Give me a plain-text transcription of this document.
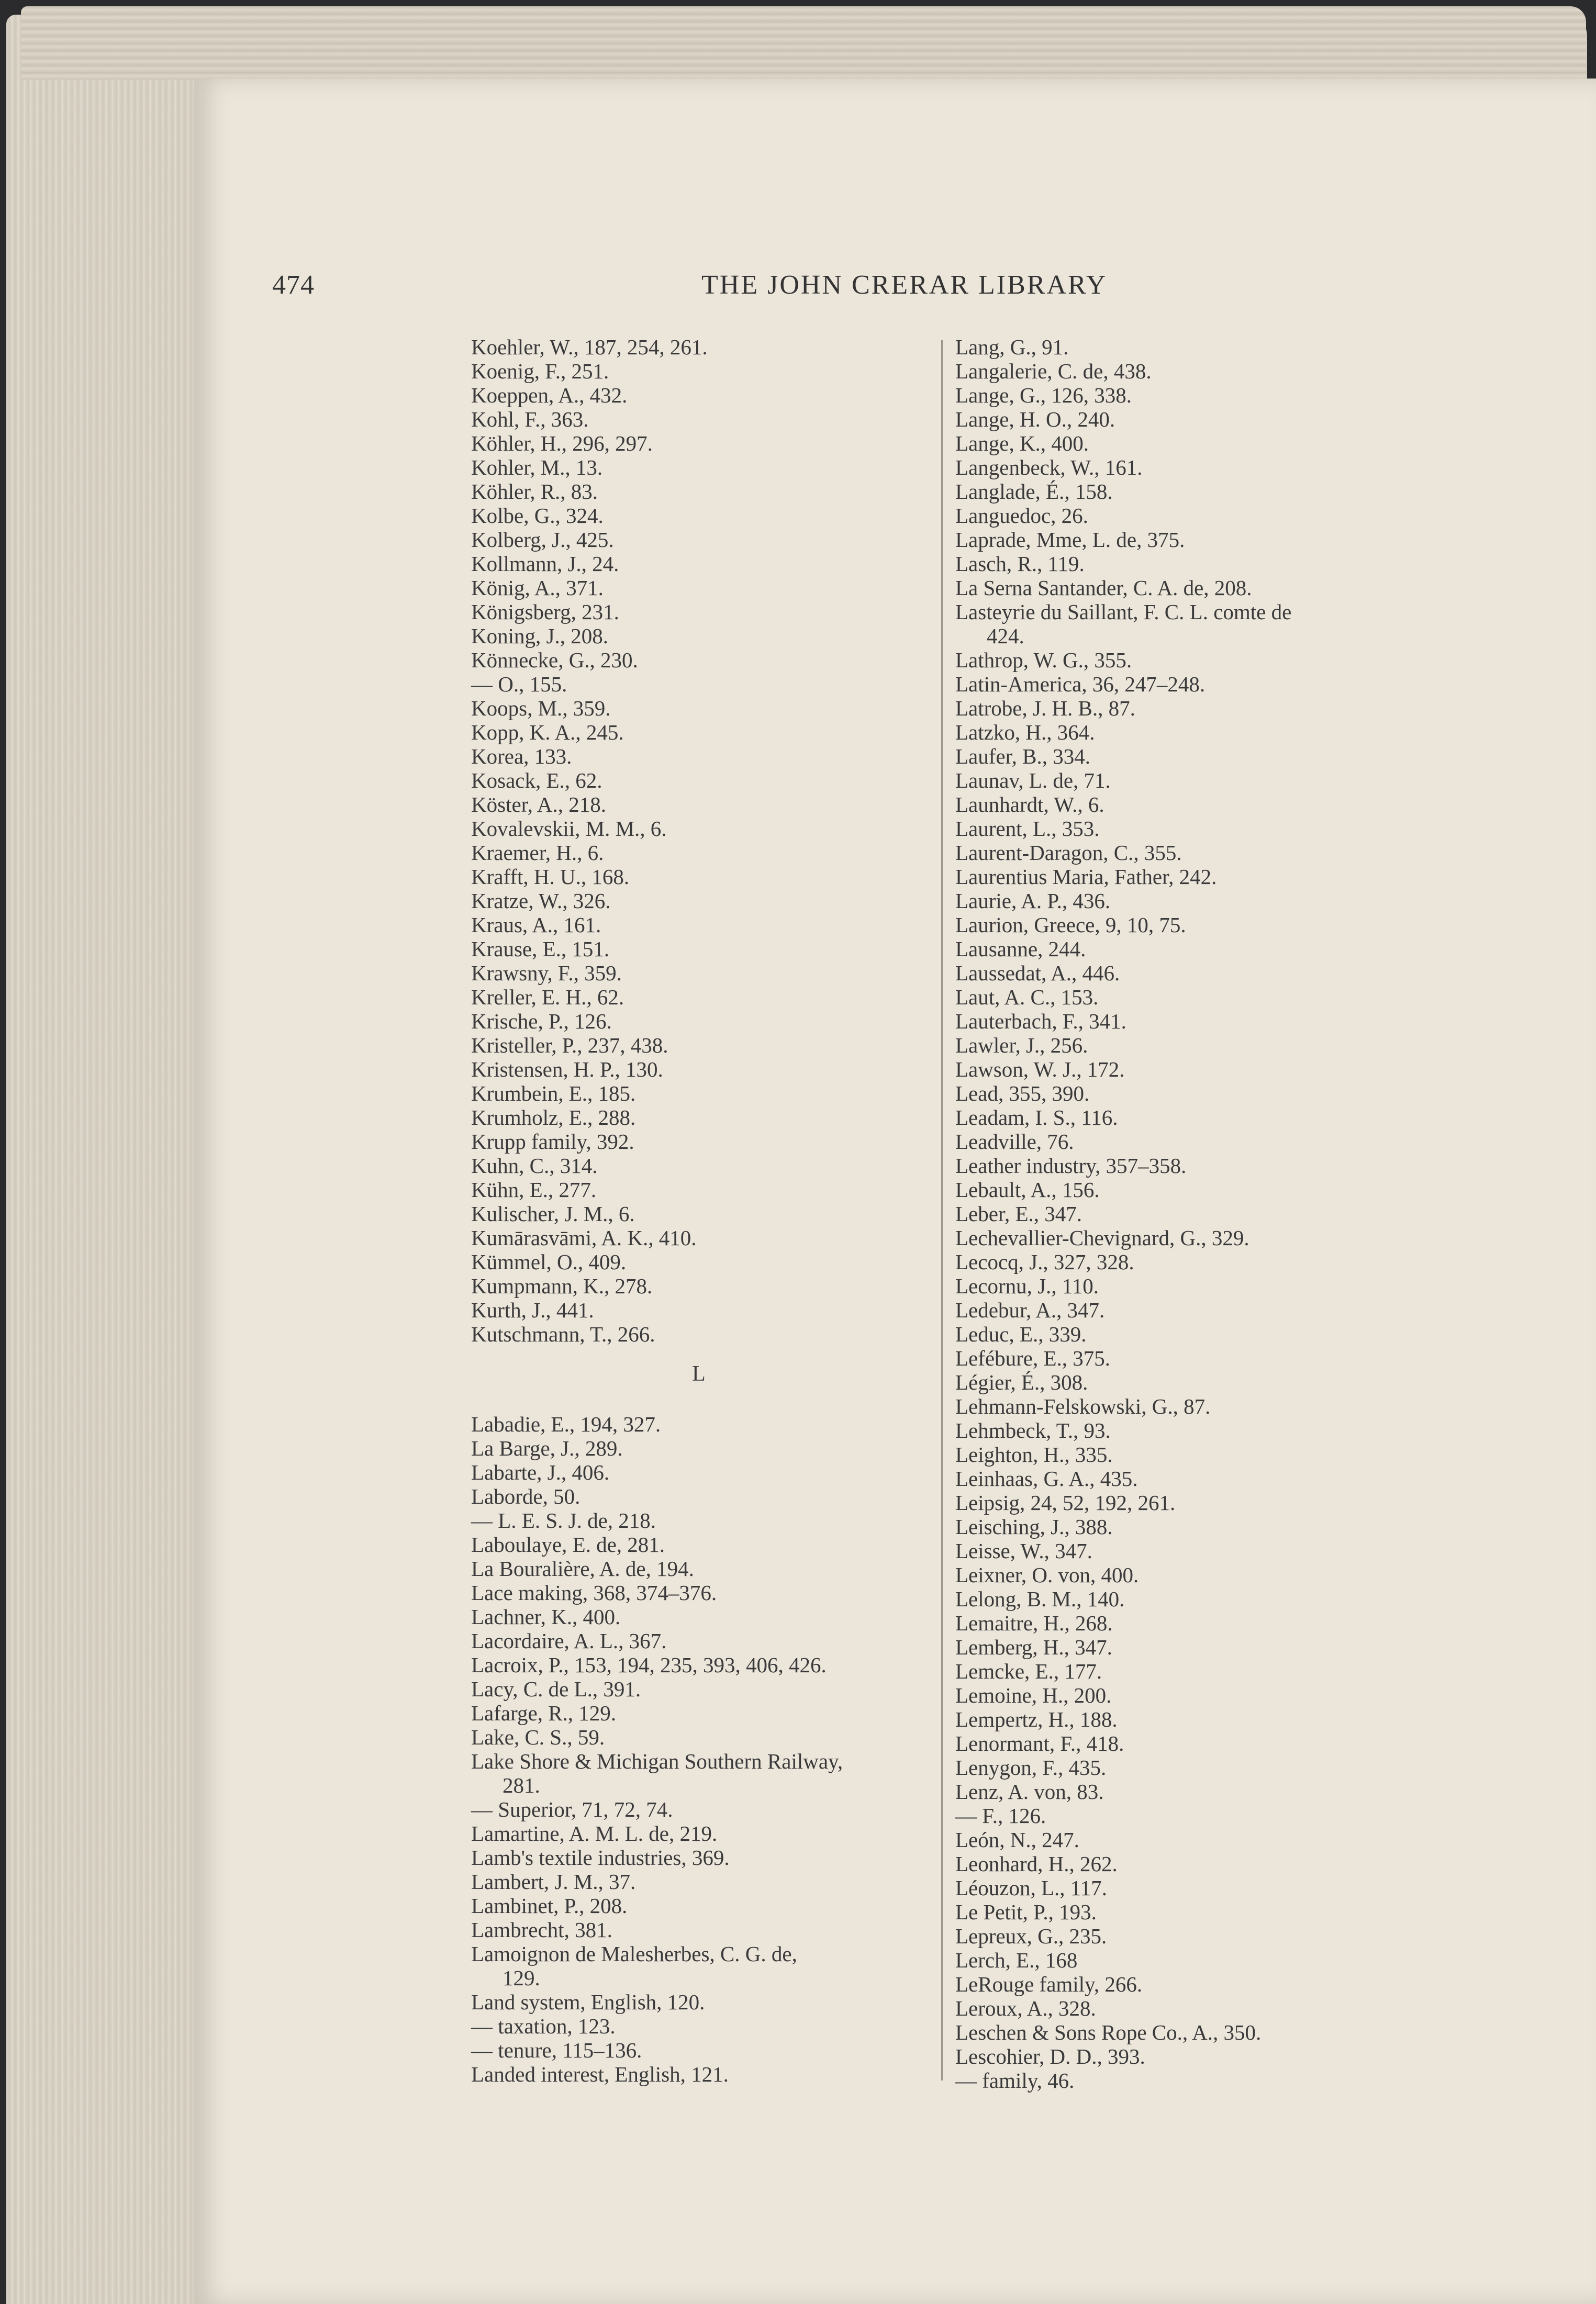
474	THE JOHN CRERAR LIBRARY
Koehler, W., 187, 254, 261.
Koenig, F., 251.
Koeppen, A., 432.
Kohl, F., 363.
Köhler, H., 296, 297.
Kohler, M., 13.
Köhler, R., 83.
Kolbe, G., 324.
Kolberg, J., 425.
Kollmann, J., 24.
König, A., 371.
Königsberg, 231.
Koning, J., 208.
Könnecke, G., 230.
— O., 155.
Koops, M., 359.
Kopp, K. A., 245.
Korea, 133.
Kosack, E., 62.
Köster, A., 218.
Kovalevskii, M. M., 6.
Kraemer, H., 6.
Krafft, H. U., 168.
Kratze, W., 326.
Kraus, A., 161.
Krause, E., 151.
Krawsny, F., 359.
Kreller, E. H., 62.
Krische, P., 126.
Kristeller, P., 237, 438.
Kristensen, H. P., 130.
Krumbein, E., 185.
Krumholz, E., 288.
Krupp family, 392.
Kuhn, C., 314.
Kühn, E., 277.
Kulischer, J. M., 6.
Kumārasvāmi, A. K., 410.
Kümmel, O., 409.
Kumpmann, K., 278.
Kurth, J., 441.
Kutschmann, T., 266.
L
Labadie, E., 194, 327.
La Barge, J., 289.
Labarte, J., 406.
Laborde, 50.
— L. E. S. J. de, 218.
Laboulaye, E. de, 281.
La Bouralière, A. de, 194.
Lace making, 368, 374–376.
Lachner, K., 400.
Lacordaire, A. L., 367.
Lacroix, P., 153, 194, 235, 393, 406, 426.
Lacy, C. de L., 391.
Lafarge, R., 129.
Lake, C. S., 59.
Lake Shore & Michigan Southern Railway,
281.
— Superior, 71, 72, 74.
Lamartine, A. M. L. de, 219.
Lamb's textile industries, 369.
Lambert, J. M., 37.
Lambinet, P., 208.
Lambrecht, 381.
Lamoignon de Malesherbes, C. G. de,
129.
Land system, English, 120.
— taxation, 123.
— tenure, 115–136.
Landed interest, English, 121.
Lang, G., 91.
Langalerie, C. de, 438.
Lange, G., 126, 338.
Lange, H. O., 240.
Lange, K., 400.
Langenbeck, W., 161.
Langlade, É., 158.
Languedoc, 26.
Laprade, Mme, L. de, 375.
Lasch, R., 119.
La Serna Santander, C. A. de, 208.
Lasteyrie du Saillant, F. C. L. comte de
424.
Lathrop, W. G., 355.
Latin-America, 36, 247–248.
Latrobe, J. H. B., 87.
Latzko, H., 364.
Laufer, B., 334.
Launav, L. de, 71.
Launhardt, W., 6.
Laurent, L., 353.
Laurent-Daragon, C., 355.
Laurentius Maria, Father, 242.
Laurie, A. P., 436.
Laurion, Greece, 9, 10, 75.
Lausanne, 244.
Laussedat, A., 446.
Laut, A. C., 153.
Lauterbach, F., 341.
Lawler, J., 256.
Lawson, W. J., 172.
Lead, 355, 390.
Leadam, I. S., 116.
Leadville, 76.
Leather industry, 357–358.
Lebault, A., 156.
Leber, E., 347.
Lechevallier-Chevignard, G., 329.
Lecocq, J., 327, 328.
Lecornu, J., 110.
Ledebur, A., 347.
Leduc, E., 339.
Lefébure, E., 375.
Légier, É., 308.
Lehmann-Felskowski, G., 87.
Lehmbeck, T., 93.
Leighton, H., 335.
Leinhaas, G. A., 435.
Leipsig, 24, 52, 192, 261.
Leisching, J., 388.
Leisse, W., 347.
Leixner, O. von, 400.
Lelong, B. M., 140.
Lemaitre, H., 268.
Lemberg, H., 347.
Lemcke, E., 177.
Lemoine, H., 200.
Lempertz, H., 188.
Lenormant, F., 418.
Lenygon, F., 435.
Lenz, A. von, 83.
— F., 126.
León, N., 247.
Leonhard, H., 262.
Léouzon, L., 117.
Le Petit, P., 193.
Lepreux, G., 235.
Lerch, E., 168
LeRouge family, 266.
Leroux, A., 328.
Leschen & Sons Rope Co., A., 350.
Lescohier, D. D., 393.
— family, 46.
